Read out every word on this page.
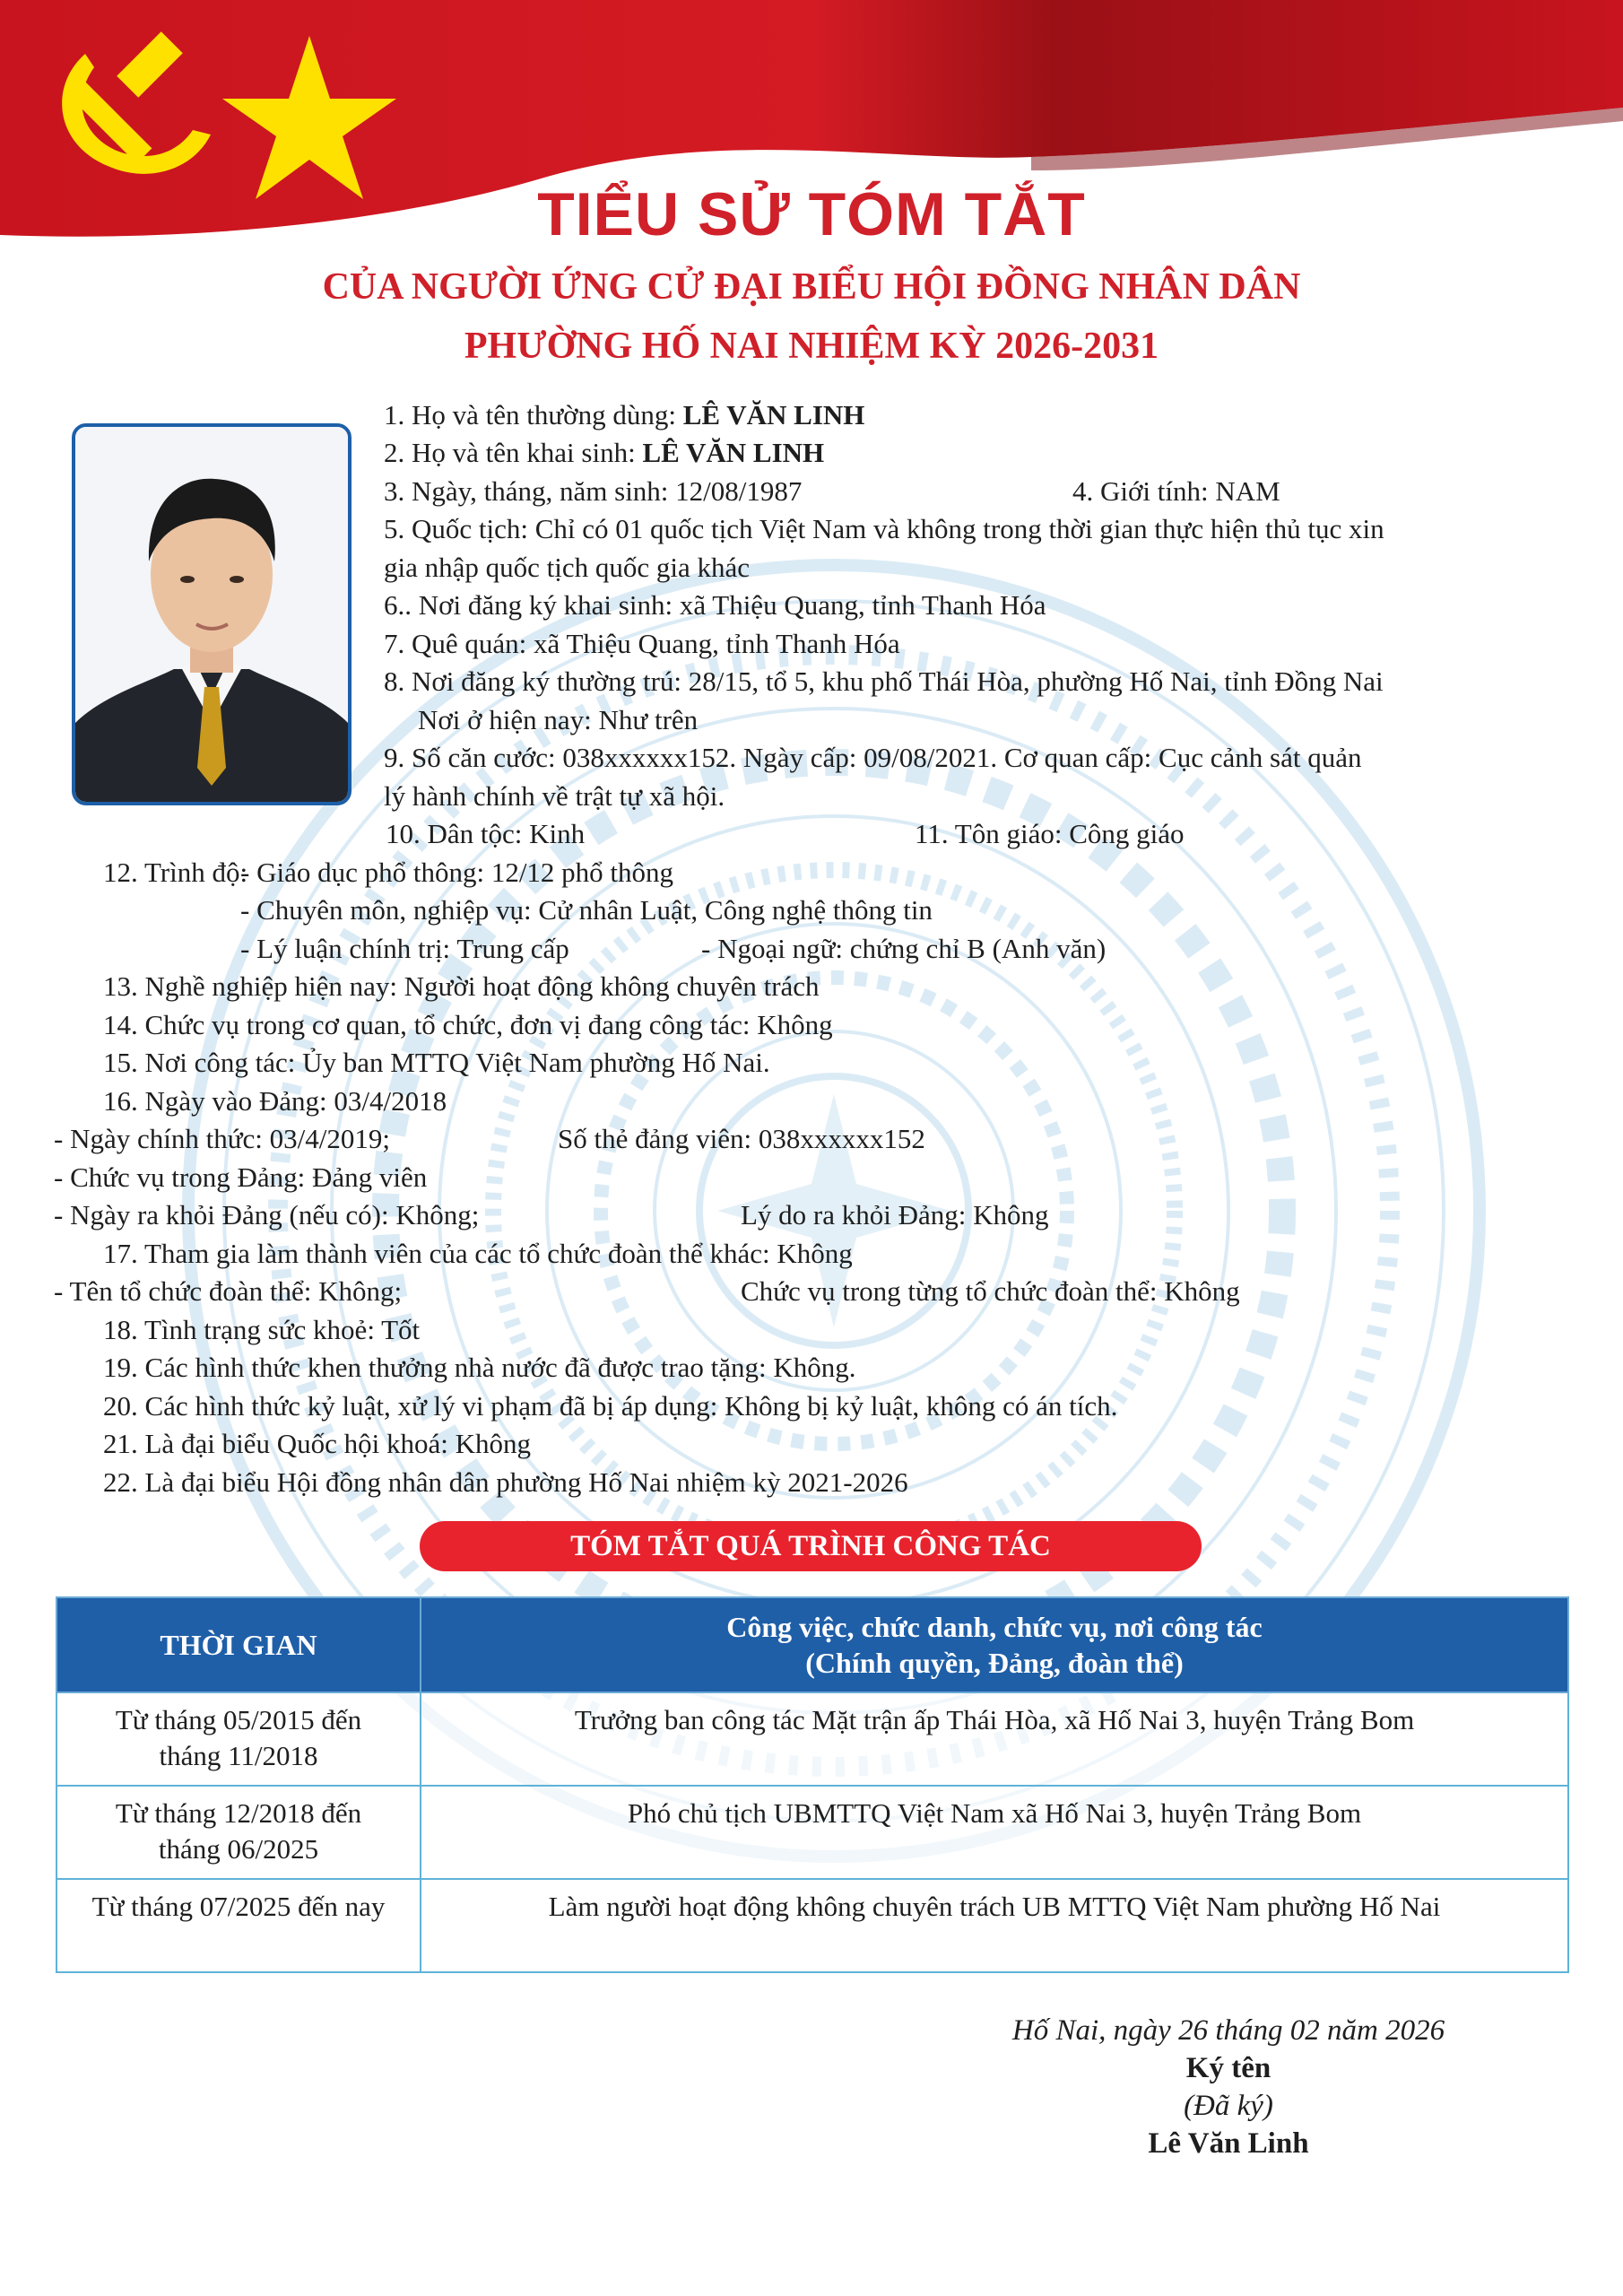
TIỂU SỬ TÓM TẮT
CỦA NGƯỜI ỨNG CỬ ĐẠI BIỂU HỘI ĐỒNG NHÂN DÂN
PHƯỜNG HỐ NAI NHIỆM KỲ 2026-2031
1. Họ và tên thường dùng: LÊ VĂN LINH
2. Họ và tên khai sinh: LÊ VĂN LINH
3. Ngày, tháng, năm sinh: 12/08/1987	4. Giới tính: NAM
5. Quốc tịch: Chỉ có 01 quốc tịch Việt Nam và không trong thời gian thực hiện thủ tục xin
gia nhập quốc tịch quốc gia khác
6.. Nơi đăng ký khai sinh: xã Thiệu Quang, tỉnh Thanh Hóa
7. Quê quán: xã Thiệu Quang, tỉnh Thanh Hóa
8. Nơi đăng ký thường trú: 28/15, tổ 5, khu phố Thái Hòa, phường Hố Nai, tỉnh Đồng Nai
Nơi ở hiện nay: Như trên
9. Số căn cước: 038xxxxxx152. Ngày cấp: 09/08/2021. Cơ quan cấp: Cục cảnh sát quản
lý hành chính về trật tự xã hội.
10. Dân tộc: Kinh	11. Tôn giáo: Công giáo
12. Trình độ:
- Giáo dục phổ thông: 12/12 phổ thông
- Chuyên môn, nghiệp vụ: Cử nhân Luật, Công nghệ thông tin
- Lý luận chính trị: Trung cấp	- Ngoại ngữ: chứng chỉ B (Anh văn)
13. Nghề nghiệp hiện nay: Người hoạt động không chuyên trách
14. Chức vụ trong cơ quan, tổ chức, đơn vị đang công tác: Không
15. Nơi công tác: Ủy ban MTTQ Việt Nam phường Hố Nai.
16. Ngày vào Đảng: 03/4/2018
- Ngày chính thức: 03/4/2019;	Số thẻ đảng viên: 038xxxxxx152
- Chức vụ trong Đảng: Đảng viên
- Ngày ra khỏi Đảng (nếu có): Không;	Lý do ra khỏi Đảng: Không
17. Tham gia làm thành viên của các tổ chức đoàn thể khác: Không
- Tên tổ chức đoàn thể: Không;	Chức vụ trong từng tổ chức đoàn thể: Không
18. Tình trạng sức khoẻ: Tốt
19. Các hình thức khen thưởng nhà nước đã được trao tặng: Không.
20. Các hình thức kỷ luật, xử lý vi phạm đã bị áp dụng: Không bị kỷ luật, không có án tích.
21. Là đại biểu Quốc hội khoá: Không
22. Là đại biểu Hội đồng nhân dân phường Hố Nai nhiệm kỳ 2021-2026
TÓM TẮT QUÁ TRÌNH CÔNG TÁC
THỜI GIAN	Công việc, chức danh, chức vụ, nơi công tác
(Chính quyền, Đảng, đoàn thể)

Từ tháng 05/2015 đến
tháng 11/2018	Trưởng ban công tác Mặt trận ấp Thái Hòa, xã Hố Nai 3, huyện Trảng Bom

Từ tháng 12/2018 đến
tháng 06/2025	Phó chủ tịch UBMTTQ Việt Nam xã Hố Nai 3, huyện Trảng Bom

Từ tháng 07/2025 đến nay	Làm người hoạt động không chuyên trách UB MTTQ Việt Nam phường Hố Nai
Hố Nai, ngày 26 tháng 02 năm 2026
Ký tên
(Đã ký)
Lê Văn Linh
